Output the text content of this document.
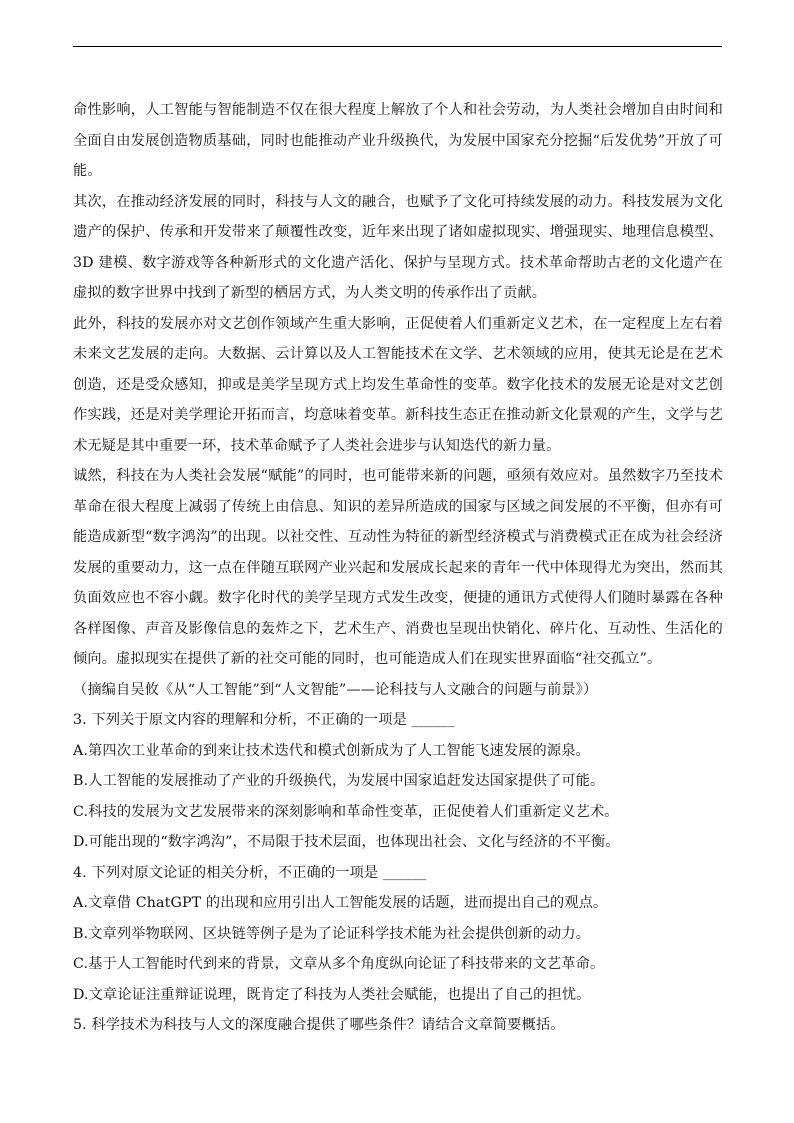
命性影响，人工智能与智能制造不仅在很大程度上解放了个人和社会劳动，为人类社会增加自由时间和全面自由发展创造物质基础，同时也能推动产业升级换代，为发展中国家充分挖掘“后发优势”开放了可能。

其次，在推动经济发展的同时，科技与人文的融合，也赋予了文化可持续发展的动力。科技发展为文化遗产的保护、传承和开发带来了颠覆性改变，近年来出现了诸如虚拟现实、增强现实、地理信息模型、 3D 建模、数字游戏等各种新形式的文化遗产活化、保护与呈现方式。技术革命帮助古老的文化遗产在虚拟的数字世界中找到了新型的栖居方式，为人类文明的传承作出了贡献。

此外，科技的发展亦对文艺创作领域产生重大影响，正促使着人们重新定义艺术，在一定程度上左右着未来文艺发展的走向。大数据、云计算以及人工智能技术在文学、艺术领域的应用，使其无论是在艺术创造，还是受众感知，抑或是美学呈现方式上均发生革命性的变革。数字化技术的发展无论是对文艺创作实践，还是对美学理论开拓而言，均意味着变革。新科技生态正在推动新文化景观的产生，文学与艺术无疑是其中重要一环，技术革命赋予了人类社会进步与认知迭代的新力量。

诚然，科技在为人类社会发展“赋能”的同时，也可能带来新的问题，亟须有效应对。虽然数字乃至技术革命在很大程度上减弱了传统上由信息、知识的差异所造成的国家与区域之间发展的不平衡，但亦有可能造成新型“数字鸿沟”的出现。以社交性、互动性为特征的新型经济模式与消费模式正在成为社会经济发展的重要动力，这一点在伴随互联网产业兴起和发展成长起来的青年一代中体现得尤为突出，然而其负面效应也不容小觑。数字化时代的美学呈现方式发生改变，便捷的通讯方式使得人们随时暴露在各种各样图像、声音及影像信息的轰炸之下，艺术生产、消费也呈现出快销化、碎片化、互动性、生活化的倾向。虚拟现实在提供了新的社交可能的同时，也可能造成人们在现实世界面临“社交孤立”。

（摘编自吴攸《从“人工智能”到“人文智能”——论科技与人文融合的问题与前景》）
3. 下列关于原文内容的理解和分析，不正确的一项是 ______
A.第四次工业革命的到来让技术迭代和模式创新成为了人工智能飞速发展的源泉。
B.人工智能的发展推动了产业的升级换代，为发展中国家追赶发达国家提供了可能。
C.科技的发展为文艺发展带来的深刻影响和革命性变革，正促使着人们重新定义艺术。
D.可能出现的“数字鸿沟”，不局限于技术层面，也体现出社会、文化与经济的不平衡。
4. 下列对原文论证的相关分析，不正确的一项是 ______
A.文章借 ChatGPT 的出现和应用引出人工智能发展的话题，进而提出自己的观点。
B.文章列举物联网、区块链等例子是为了论证科学技术能为社会提供创新的动力。
C.基于人工智能时代到来的背景，文章从多个角度纵向论证了科技带来的文艺革命。
D.文章论证注重辩证说理，既肯定了科技为人类社会赋能，也提出了自己的担忧。
5. 科学技术为科技与人文的深度融合提供了哪些条件？请结合文章简要概括。
